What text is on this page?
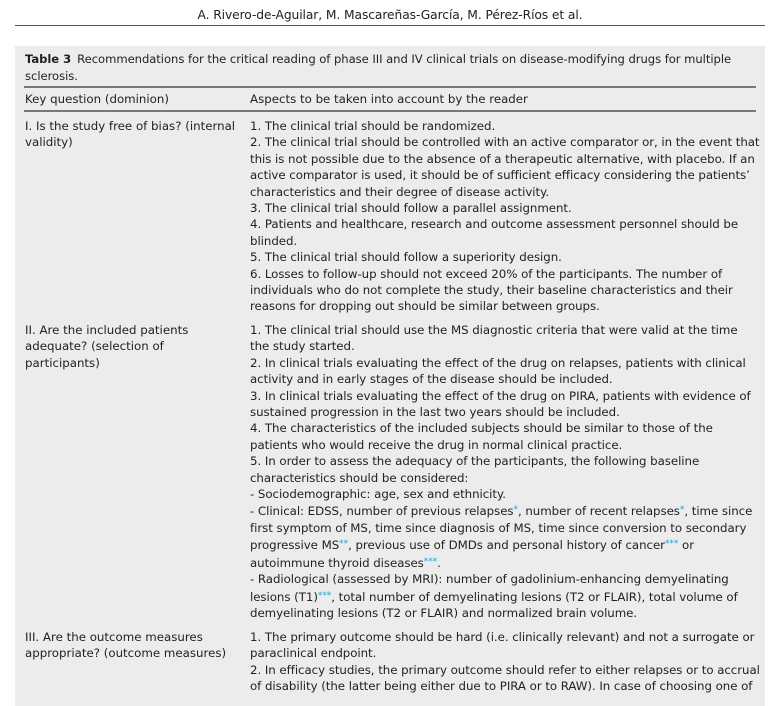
A. Rivero-de-Aguilar, M. Mascareñas-García, M. Pérez-Ríos et al.
Table 3 Recommendations for the critical reading of phase III and IV clinical trials on disease-modifying drugs for multiple sclerosis.
Key question (dominion)	Aspects to be taken into account by the reader
I. Is the study free of bias? (internal validity)
1. The clinical trial should be randomized.
2. The clinical trial should be controlled with an active comparator or, in the event that this is not possible due to the absence of a therapeutic alternative, with placebo. If an active comparator is used, it should be of sufficient efficacy considering the patients’ characteristics and their degree of disease activity.
3. The clinical trial should follow a parallel assignment.
4. Patients and healthcare, research and outcome assessment personnel should be blinded.
5. The clinical trial should follow a superiority design.
6. Losses to follow-up should not exceed 20% of the participants. The number of individuals who do not complete the study, their baseline characteristics and their reasons for dropping out should be similar between groups.
II. Are the included patients adequate? (selection of participants)
1. The clinical trial should use the MS diagnostic criteria that were valid at the time the study started.
2. In clinical trials evaluating the effect of the drug on relapses, patients with clinical activity and in early stages of the disease should be included.
3. In clinical trials evaluating the effect of the drug on PIRA, patients with evidence of sustained progression in the last two years should be included.
4. The characteristics of the included subjects should be similar to those of the patients who would receive the drug in normal clinical practice.
5. In order to assess the adequacy of the participants, the following baseline characteristics should be considered:
- Sociodemographic: age, sex and ethnicity.
- Clinical: EDSS, number of previous relapses*, number of recent relapses*, time since first symptom of MS, time since diagnosis of MS, time since conversion to secondary progressive MS**, previous use of DMDs and personal history of cancer*** or autoimmune thyroid diseases***.
- Radiological (assessed by MRI): number of gadolinium-enhancing demyelinating lesions (T1)***, total number of demyelinating lesions (T2 or FLAIR), total volume of demyelinating lesions (T2 or FLAIR) and normalized brain volume.
III. Are the outcome measures appropriate? (outcome measures)
1. The primary outcome should be hard (i.e. clinically relevant) and not a surrogate or paraclinical endpoint.
2. In efficacy studies, the primary outcome should refer to either relapses or to accrual of disability (the latter being either due to PIRA or to RAW). In case of choosing one of
